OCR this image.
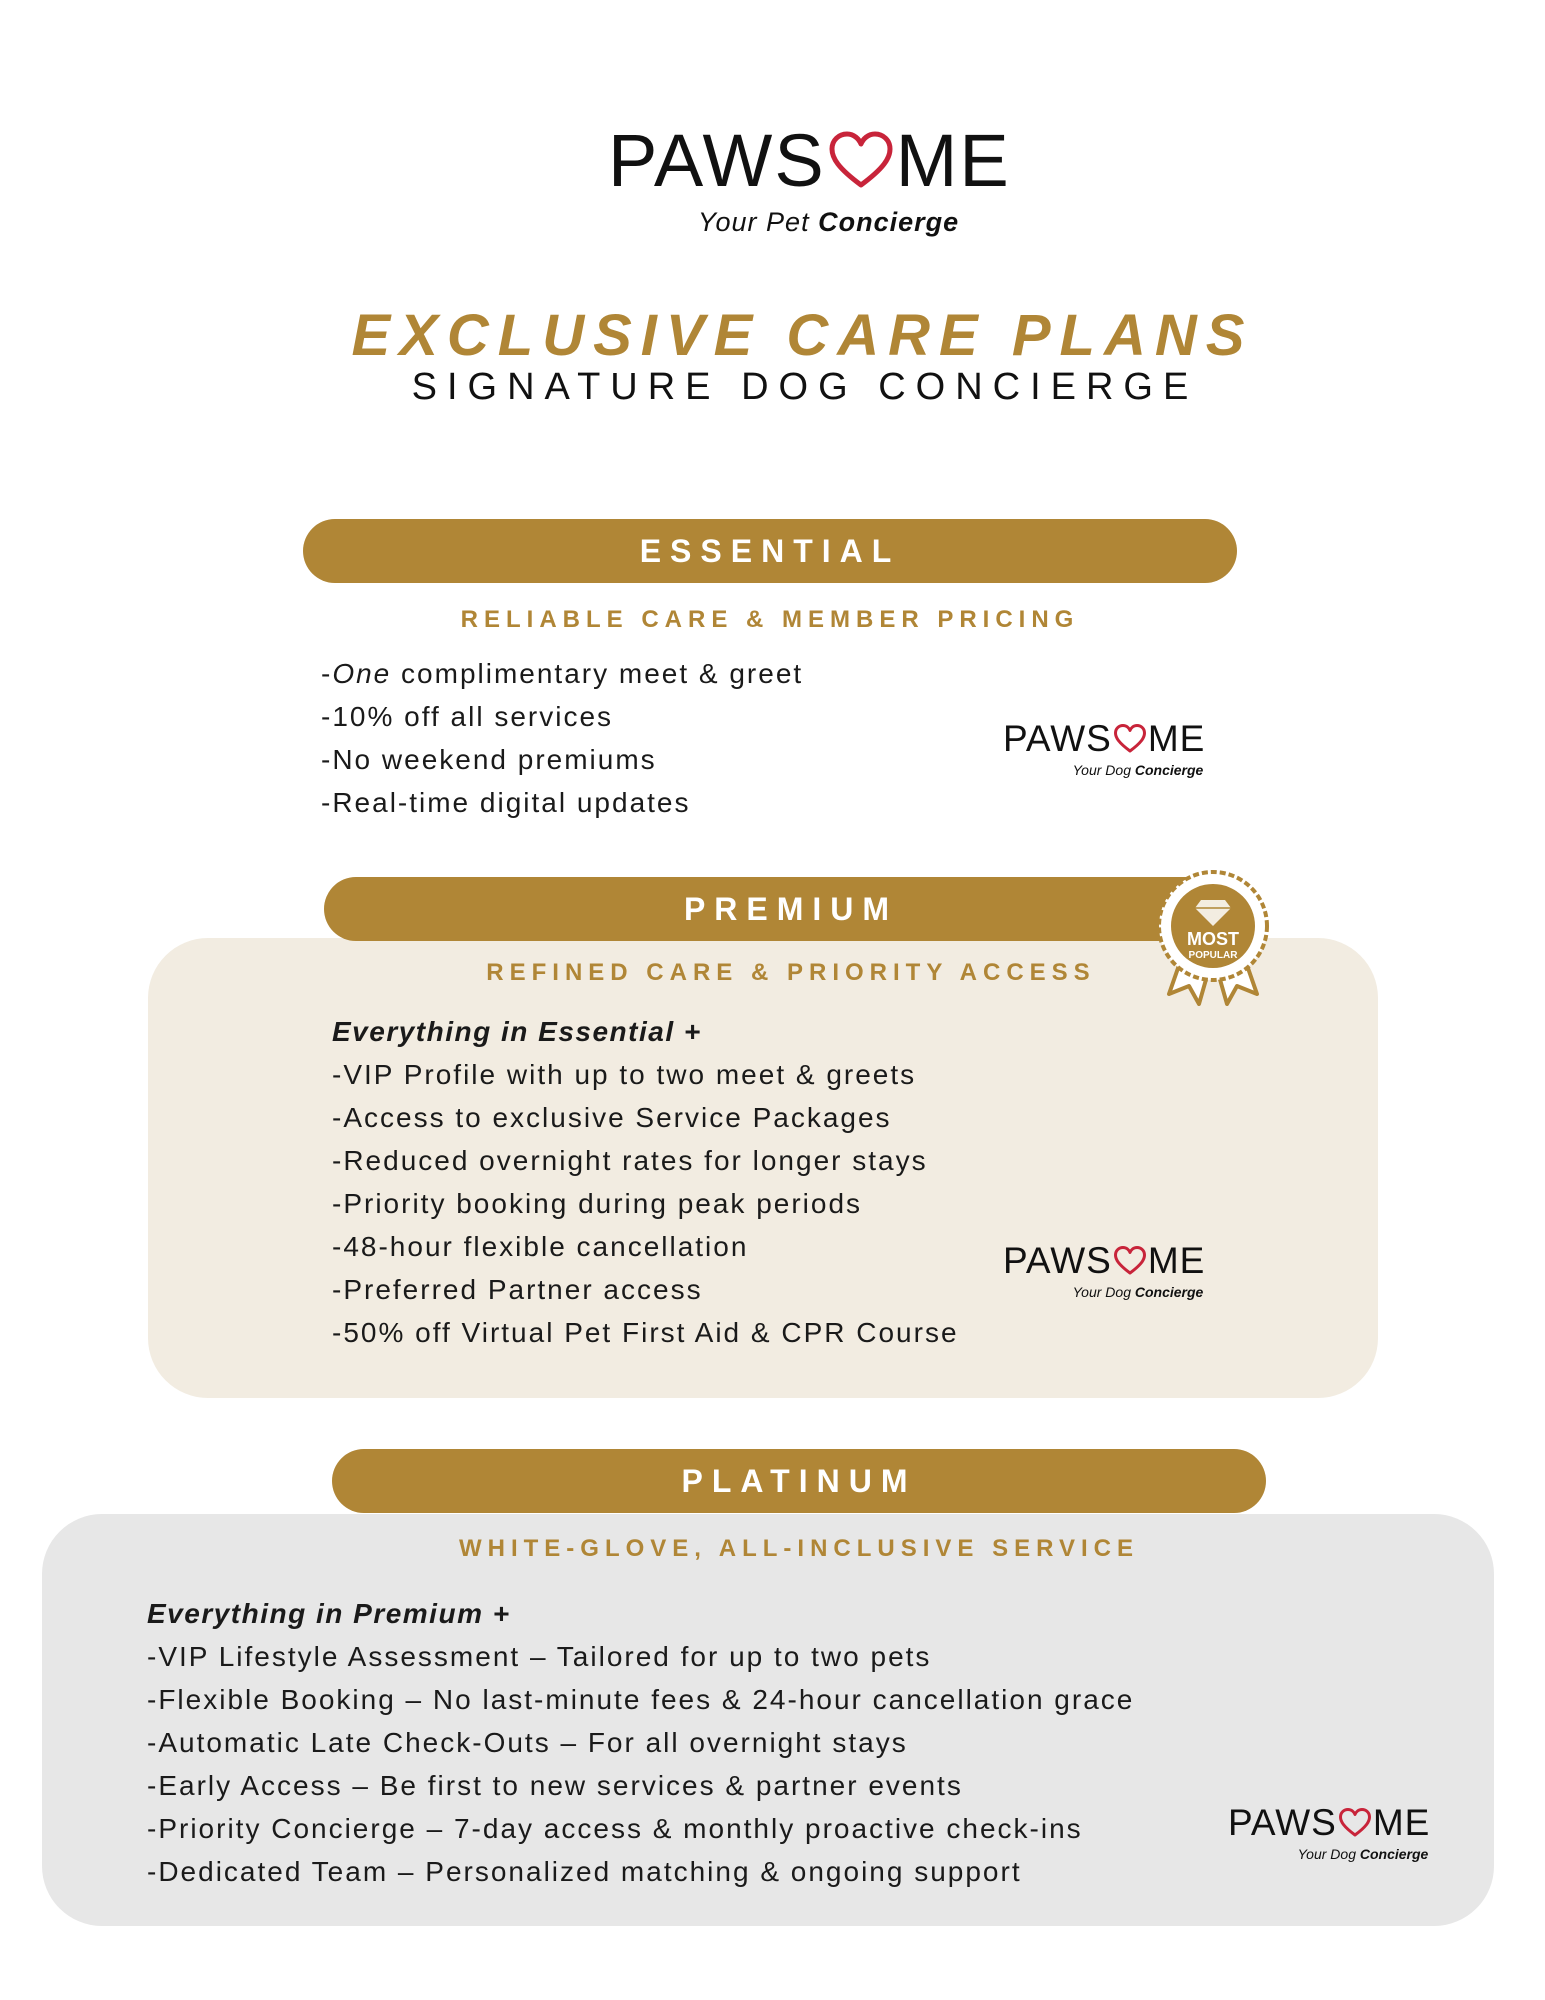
PAWS ME
Your Pet Concierge
EXCLUSIVE CARE PLANS
SIGNATURE DOG CONCIERGE
ESSENTIAL
RELIABLE CARE & MEMBER PRICING
-One complimentary meet & greet
-10% off all services
-No weekend premiums
-Real-time digital updates
PAWS ME
Your Dog Concierge
PREMIUM
MOST
POPULAR
REFINED CARE & PRIORITY ACCESS
Everything in Essential +
-VIP Profile with up to two meet & greets
-Access to exclusive Service Packages
-Reduced overnight rates for longer stays
-Priority booking during peak periods
-48-hour flexible cancellation
-Preferred Partner access
-50% off Virtual Pet First Aid & CPR Course
PAWS ME
Your Dog Concierge
PLATINUM
WHITE-GLOVE, ALL-INCLUSIVE SERVICE
Everything in Premium +
-VIP Lifestyle Assessment – Tailored for up to two pets
-Flexible Booking – No last-minute fees & 24-hour cancellation grace
-Automatic Late Check-Outs – For all overnight stays
-Early Access – Be first to new services & partner events
-Priority Concierge – 7-day access & monthly proactive check-ins
-Dedicated Team – Personalized matching & ongoing support
PAWS ME
Your Dog Concierge
